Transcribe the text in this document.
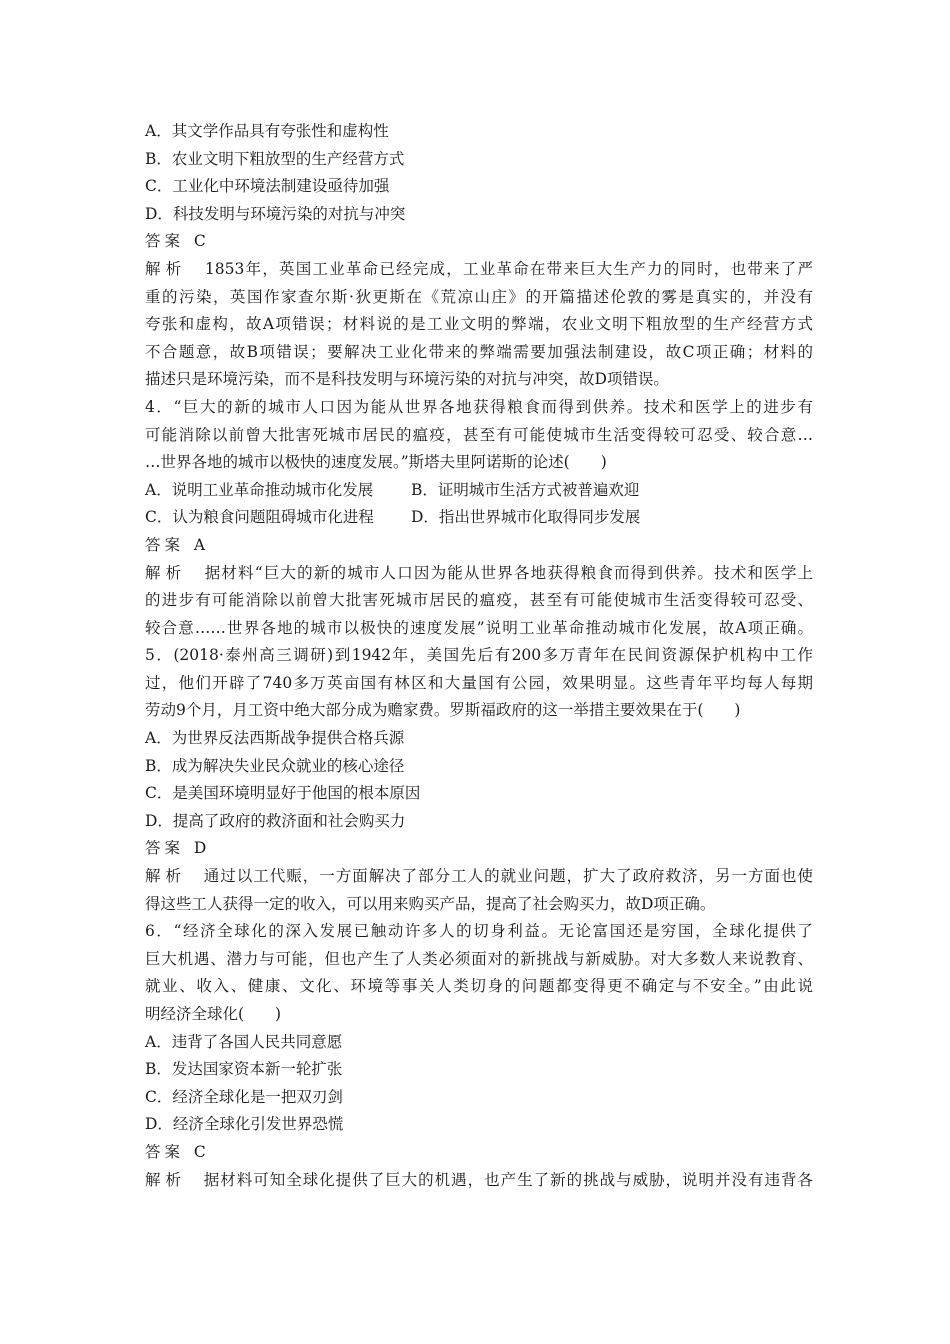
A．其文学作品具有夸张性和虚构性
B．农业文明下粗放型的生产经营方式
C．工业化中环境法制建设亟待加强
D．科技发明与环境污染的对抗与冲突
答案 C
解析 1853年，英国工业革命已经完成，工业革命在带来巨大生产力的同时，也带来了严
重的污染，英国作家查尔斯·狄更斯在《荒凉山庄》的开篇描述伦敦的雾是真实的，并没有
夸张和虚构，故A项错误；材料说的是工业文明的弊端，农业文明下粗放型的生产经营方式
不合题意，故B项错误；要解决工业化带来的弊端需要加强法制建设，故C项正确；材料的
描述只是环境污染，而不是科技发明与环境污染的对抗与冲突，故D项错误。
4．“巨大的新的城市人口因为能从世界各地获得粮食而得到供养。技术和医学上的进步有
可能消除以前曾大批害死城市居民的瘟疫，甚至有可能使城市生活变得较可忍受、较合意…
…世界各地的城市以极快的速度发展。”斯塔夫里阿诺斯的论述(　　)
A．说明工业革命推动城市化发展	B．证明城市生活方式被普遍欢迎
C．认为粮食问题阻碍城市化进程	D．指出世界城市化取得同步发展
答案 A
解析 据材料“巨大的新的城市人口因为能从世界各地获得粮食而得到供养。技术和医学上
的进步有可能消除以前曾大批害死城市居民的瘟疫，甚至有可能使城市生活变得较可忍受、
较合意……世界各地的城市以极快的速度发展”说明工业革命推动城市化发展，故A项正确。
5．(2018·泰州高三调研)到1942年，美国先后有200多万青年在民间资源保护机构中工作
过，他们开辟了740多万英亩国有林区和大量国有公园，效果明显。这些青年平均每人每期
劳动9个月，月工资中绝大部分成为赡家费。罗斯福政府的这一举措主要效果在于(　　)
A．为世界反法西斯战争提供合格兵源
B．成为解决失业民众就业的核心途径
C．是美国环境明显好于他国的根本原因
D．提高了政府的救济面和社会购买力
答案 D
解析 通过以工代赈，一方面解决了部分工人的就业问题，扩大了政府救济，另一方面也使
得这些工人获得一定的收入，可以用来购买产品，提高了社会购买力，故D项正确。
6．“经济全球化的深入发展已触动许多人的切身利益。无论富国还是穷国，全球化提供了
巨大机遇、潜力与可能，但也产生了人类必须面对的新挑战与新威胁。对大多数人来说教育、
就业、收入、健康、文化、环境等事关人类切身的问题都变得更不确定与不安全。”由此说
明经济全球化(　　)
A．违背了各国人民共同意愿
B．发达国家资本新一轮扩张
C．经济全球化是一把双刃剑
D．经济全球化引发世界恐慌
答案 C
解析 据材料可知全球化提供了巨大的机遇，也产生了新的挑战与威胁，说明并没有违背各
